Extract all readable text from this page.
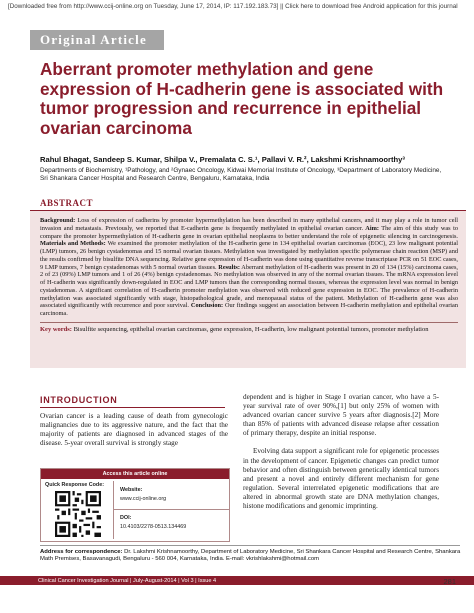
[Downloaded free from http://www.ccij-online.org on Tuesday, June 17, 2014, IP: 117.192.183.73] || Click here to download free Android application for this journal
Original Article
Aberrant promoter methylation and gene expression of H-cadherin gene is associated with tumor progression and recurrence in epithelial ovarian carcinoma
Rahul Bhagat, Sandeep S. Kumar, Shilpa V., Premalata C. S.¹, Pallavi V. R.², Lakshmi Krishnamoorthy³
Departments of Biochemistry, ¹Pathology, and ²Gynaec Oncology, Kidwai Memorial Institute of Oncology, ³Department of Laboratory Medicine,
Sri Shankara Cancer Hospital and Research Centre, Bengaluru, Karnataka, India
ABSTRACT
Background: Loss of expression of cadherins by promoter hypermethylation has been described in many epithelial cancers, and it may play a role in tumor cell invasion and metastasis. Previously, we reported that E-cadherin gene is frequently methylated in epithelial ovarian cancer. Aim: The aim of this study was to compare the promoter hypermethylation of H-cadherin gene in ovarian epithelial neoplasms to better understand the role of epigenetic silencing in carcinogenesis. Materials and Methods: We examined the promoter methylation of the H-cadherin gene in 134 epithelial ovarian carcinomas (EOC), 23 low malignant potential (LMP) tumors, 26 benign cystadenomas and 15 normal ovarian tissues. Methylation was investigated by methylation specific polymerase chain reaction (MSP) and the results confirmed by bisulfite DNA sequencing. Relative gene expression of H-cadherin was done using quantitative reverse transcriptase PCR on 51 EOC cases, 9 LMP tumors, 7 benign cystadenomas with 5 normal ovarian tissues. Results: Aberrant methylation of H-cadherin was present in 20 of 134 (15%) carcinoma cases, 2 of 23 (09%) LMP tumors and 1 of 26 (4%) benign cystadenomas. No methylation was observed in any of the normal ovarian tissues. The mRNA expression level of H-cadherin was significantly down-regulated in EOC and LMP tumors than the corresponding normal tissues, whereas the expression level was normal in benign cystadenomas. A significant correlation of H-cadherin promoter methylation was observed with reduced gene expression in EOC. The prevalence of H-cadherin methylation was associated significantly with stage, histopathological grade, and menopausal status of the patient. Methylation of H-cadherin gene was also associated significantly with recurrence and poor survival. Conclusion: Our findings suggest an association between H-cadherin methylation and epithelial ovarian carcinoma.
Key words: Bisulfite sequencing, epithelial ovarian carcinomas, gene expression, H-cadherin, low malignant potential tumors, promoter methylation
INTRODUCTION
Ovarian cancer is a leading cause of death from gynecologic malignancies due to its aggressive nature, and the fact that the majority of patients are diagnosed in advanced stages of the disease. 5-year overall survival is strongly stage
Access this article online
Quick Response Code:
Website:
www.ccij-online.org
DOI:
10.4103/2278-0513.134469

dependent and is higher in Stage I ovarian cancer, who have a 5-year survival rate of over 90%,[1] but only 25% of women with advanced ovarian cancer survive 5 years after diagnosis.[2] More than 85% of patients with advanced disease relapse after cessation of primary therapy, despite an initial response.

Evolving data support a significant role for epigenetic processes in the development of cancer. Epigenetic changes can predict tumor behavior and often distinguish between genetically identical tumors and present a novel and entirely different mechanism for gene regulation. Several interrelated epigenetic modifications that are altered in abnormal growth state are DNA methylation changes, histone modifications and genomic imprinting.

Address for correspondence: Dr. Lakshmi Krishnamoorthy, Department of Laboratory Medicine, Sri Shankara Cancer Hospital and Research Centre, Shankara Math Premises, Basavanagudi, Bengaluru - 560 004, Karnataka, India. E-mail: vkrishlakshmi@hotmail.com
Clinical Cancer Investigation Journal | July-August-2014 | Vol 3 | Issue 4	281
